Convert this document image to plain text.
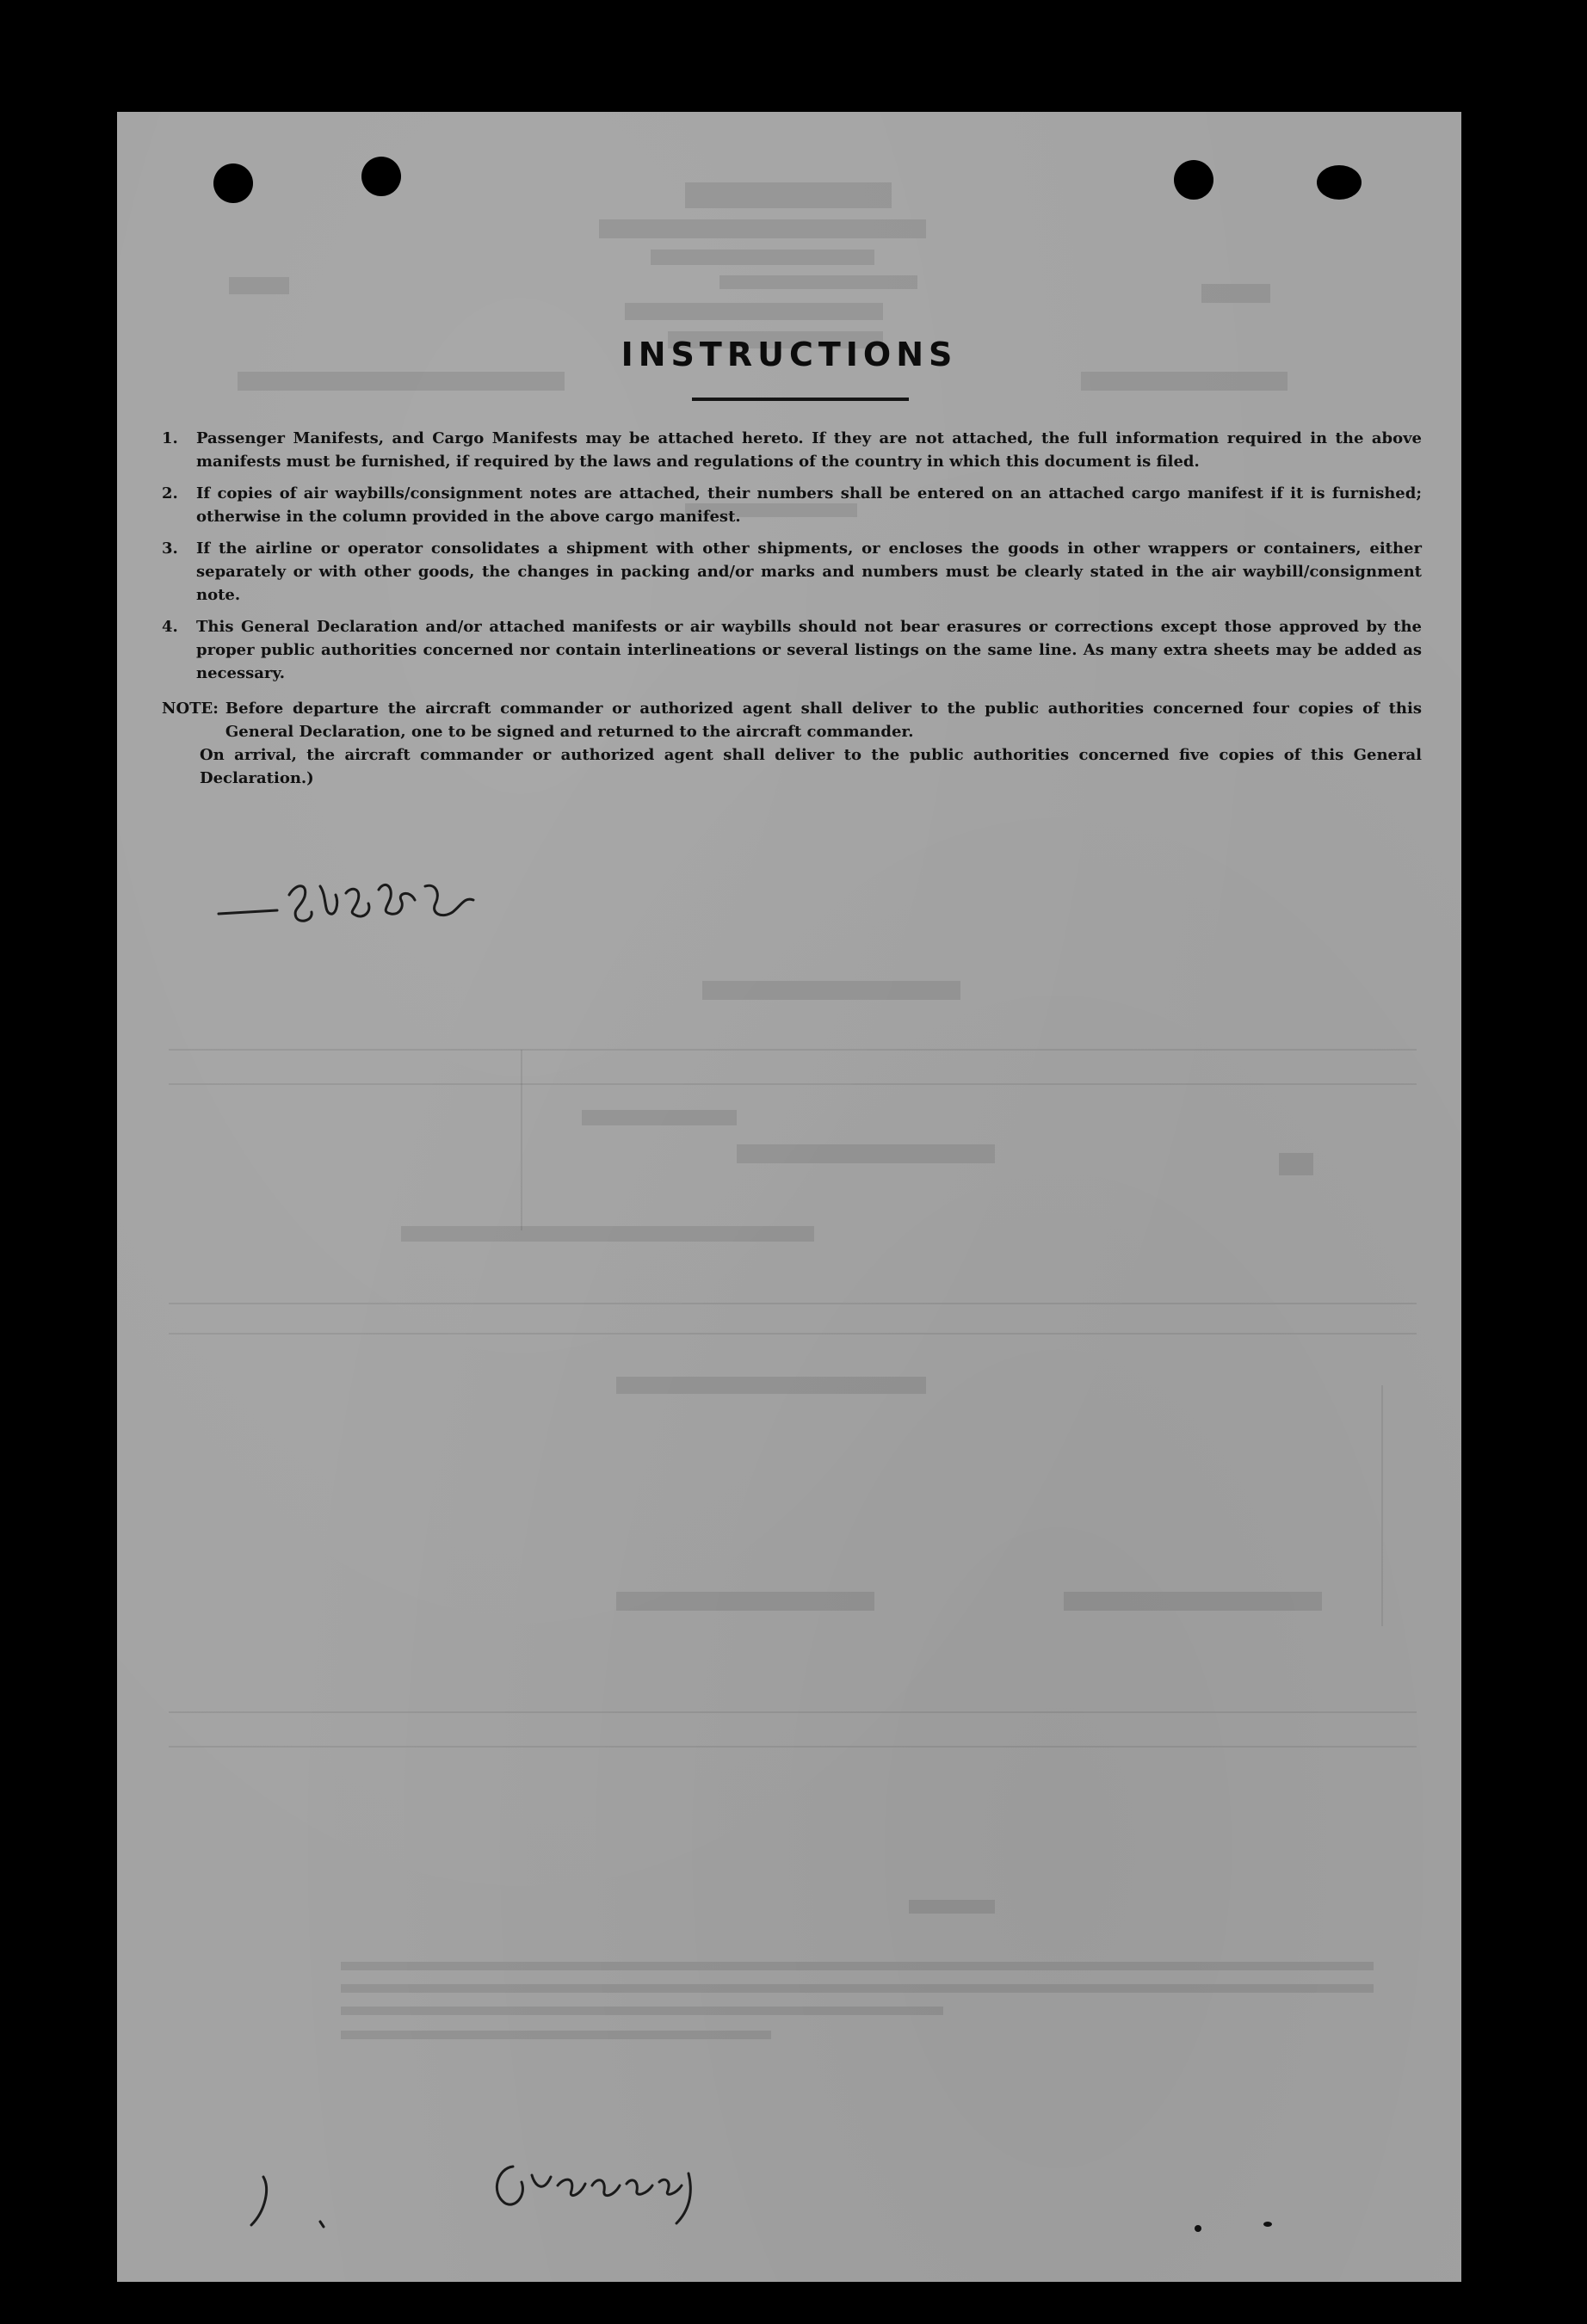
INSTRUCTIONS
1.	Passenger Manifests, and Cargo Manifests may be attached hereto. If they are not attached, the full information required in the above manifests must be furnished, if required by the laws and regulations of the country in which this document is filed.
2.	If copies of air waybills/consignment notes are attached, their numbers shall be entered on an attached cargo manifest if it is furnished; otherwise in the column provided in the above cargo manifest.
3.	If the airline or operator consolidates a shipment with other shipments, or encloses the goods in other wrappers or containers, either separately or with other goods, the changes in packing and/or marks and numbers must be clearly stated in the air waybill/consignment note.
4.	This General Declaration and/or attached manifests or air waybills should not bear erasures or corrections except those approved by the proper public authorities concerned nor contain interlineations or several listings on the same line. As many extra sheets may be added as necessary.
NOTE: Before departure the aircraft commander or authorized agent shall deliver to the public authorities concerned four copies of this General Declaration, one to be signed and returned to the aircraft commander.

On arrival, the aircraft commander or authorized agent shall deliver to the public authorities concerned five copies of this General Declaration.)
